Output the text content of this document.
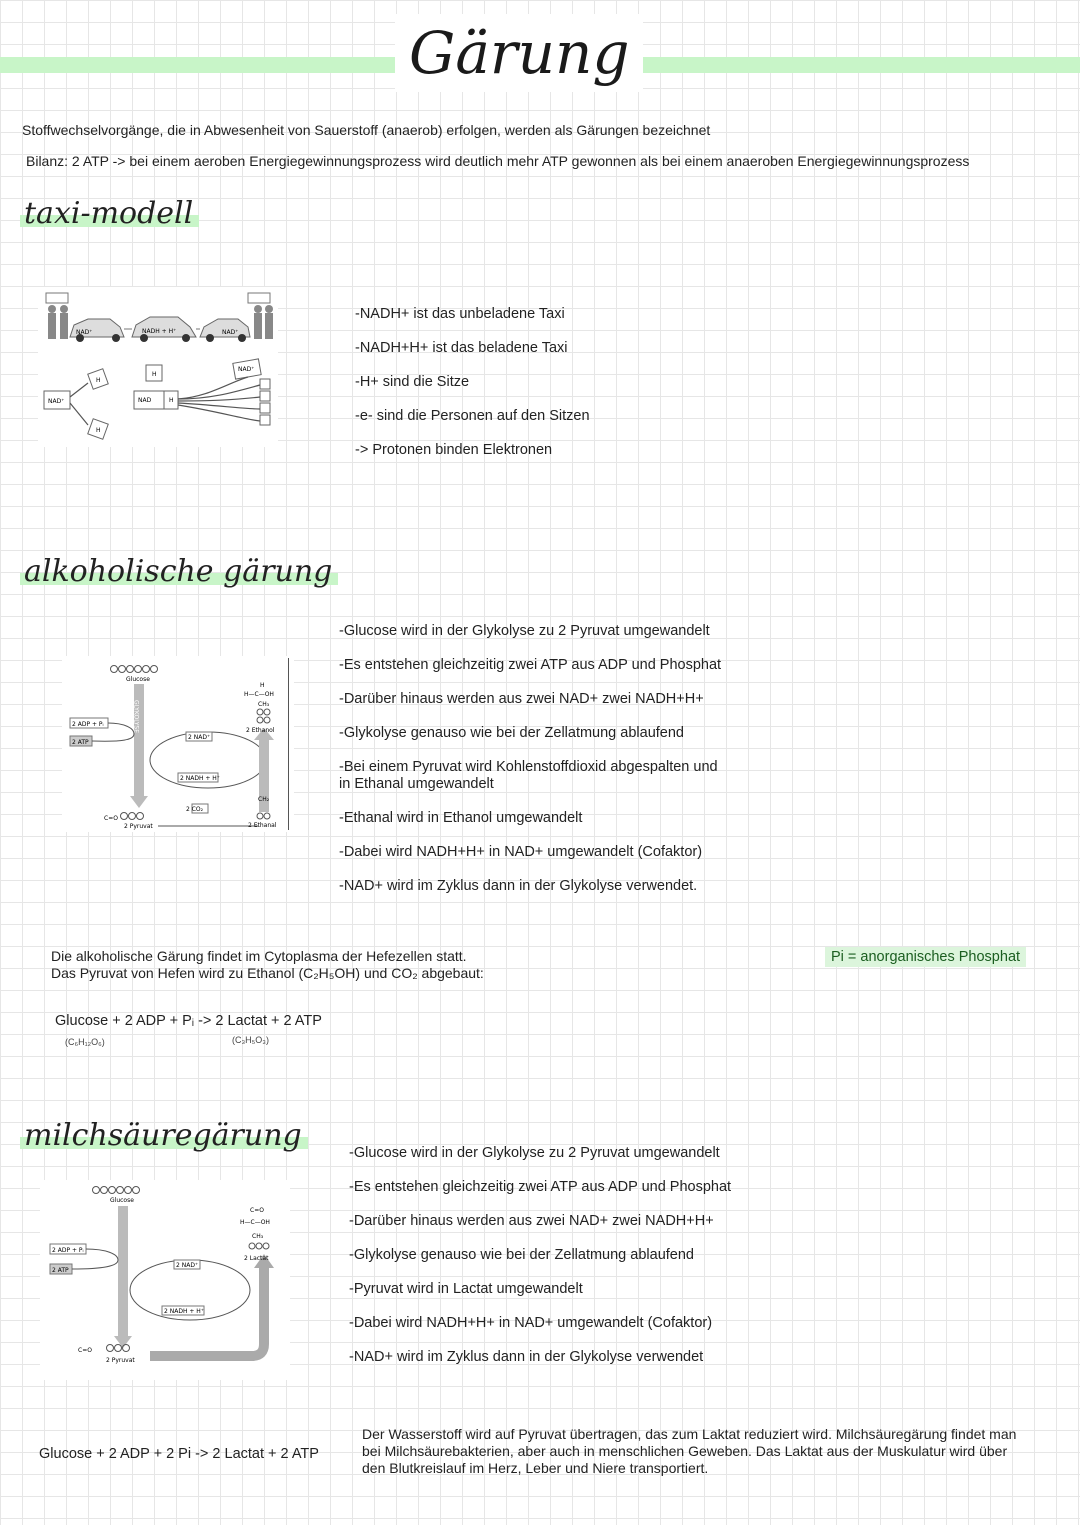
Gärung
Stoffwechselvorgänge, die in Abwesenheit von Sauerstoff (anaerob) erfolgen, werden als Gärungen bezeichnet
Bilanz: 2 ATP -> bei einem aeroben Energiegewinnungsprozess wird deutlich mehr ATP gewonnen als bei einem anaeroben Energiegewinnungsprozess
taxi-modell
NAD⁺	NADH + H⁺	NAD⁺
NAD⁺
H
H
H
NAD	H
NAD⁺
-NADH+ ist das unbeladene Taxi
-NADH+H+ ist das beladene Taxi
-H+ sind die Sitze
-e- sind die Personen auf den Sitzen
-> Protonen binden Elektronen
alkoholische gärung
Glucose
GLYKOLYSE
2 ADP + Pᵢ
2 ATP
2 NAD⁺
2 NADH + H⁺
2 CO₂
H—C—OH
H
CH₃
2 Ethanol
CH₂
2 Ethanal
C=O
2 Pyruvat
-Glucose wird in der Glykolyse zu 2 Pyruvat umgewandelt
-Es entstehen gleichzeitig zwei ATP aus ADP und Phosphat
-Darüber hinaus werden aus zwei NAD+ zwei NADH+H+
-Glykolyse genauso wie bei der Zellatmung ablaufend
-Bei einem Pyruvat wird Kohlenstoffdioxid abgespalten und
in Ethanal umgewandelt
-Ethanal wird in Ethanol umgewandelt
-Dabei wird NADH+H+ in NAD+ umgewandelt (Cofaktor)
-NAD+ wird im Zyklus dann in der Glykolyse verwendet.
Die alkoholische Gärung findet im Cytoplasma der Hefezellen statt.
Das Pyruvat von Hefen wird zu Ethanol (C₂H₅OH) und CO₂ abgebaut:
Pi = anorganisches Phosphat
Glucose + 2 ADP + Pᵢ -> 2 Lactat + 2 ATP
(C₆H₁₂O₆)	(C₃H₅O₃)
milchsäuregärung
Glucose
2 ADP + Pᵢ
2 ATP
2 NAD⁺
2 NADH + H⁺
H—C—OH
CH₃
C=O
2 Lactat
C=O
2 Pyruvat
-Glucose wird in der Glykolyse zu 2 Pyruvat umgewandelt
-Es entstehen gleichzeitig zwei ATP aus ADP und Phosphat
-Darüber hinaus werden aus zwei NAD+ zwei NADH+H+
-Glykolyse genauso wie bei der Zellatmung ablaufend
-Pyruvat wird in Lactat umgewandelt
-Dabei wird NADH+H+ in NAD+ umgewandelt (Cofaktor)
-NAD+ wird im Zyklus dann in der Glykolyse verwendet
Glucose + 2 ADP + 2 Pi -> 2 Lactat + 2 ATP
Der Wasserstoff wird auf Pyruvat übertragen, das zum Laktat reduziert wird. Milchsäuregärung findet man
bei Milchsäurebakterien, aber auch in menschlichen Geweben. Das Laktat aus der Muskulatur wird über
den Blutkreislauf im Herz, Leber und Niere transportiert.
